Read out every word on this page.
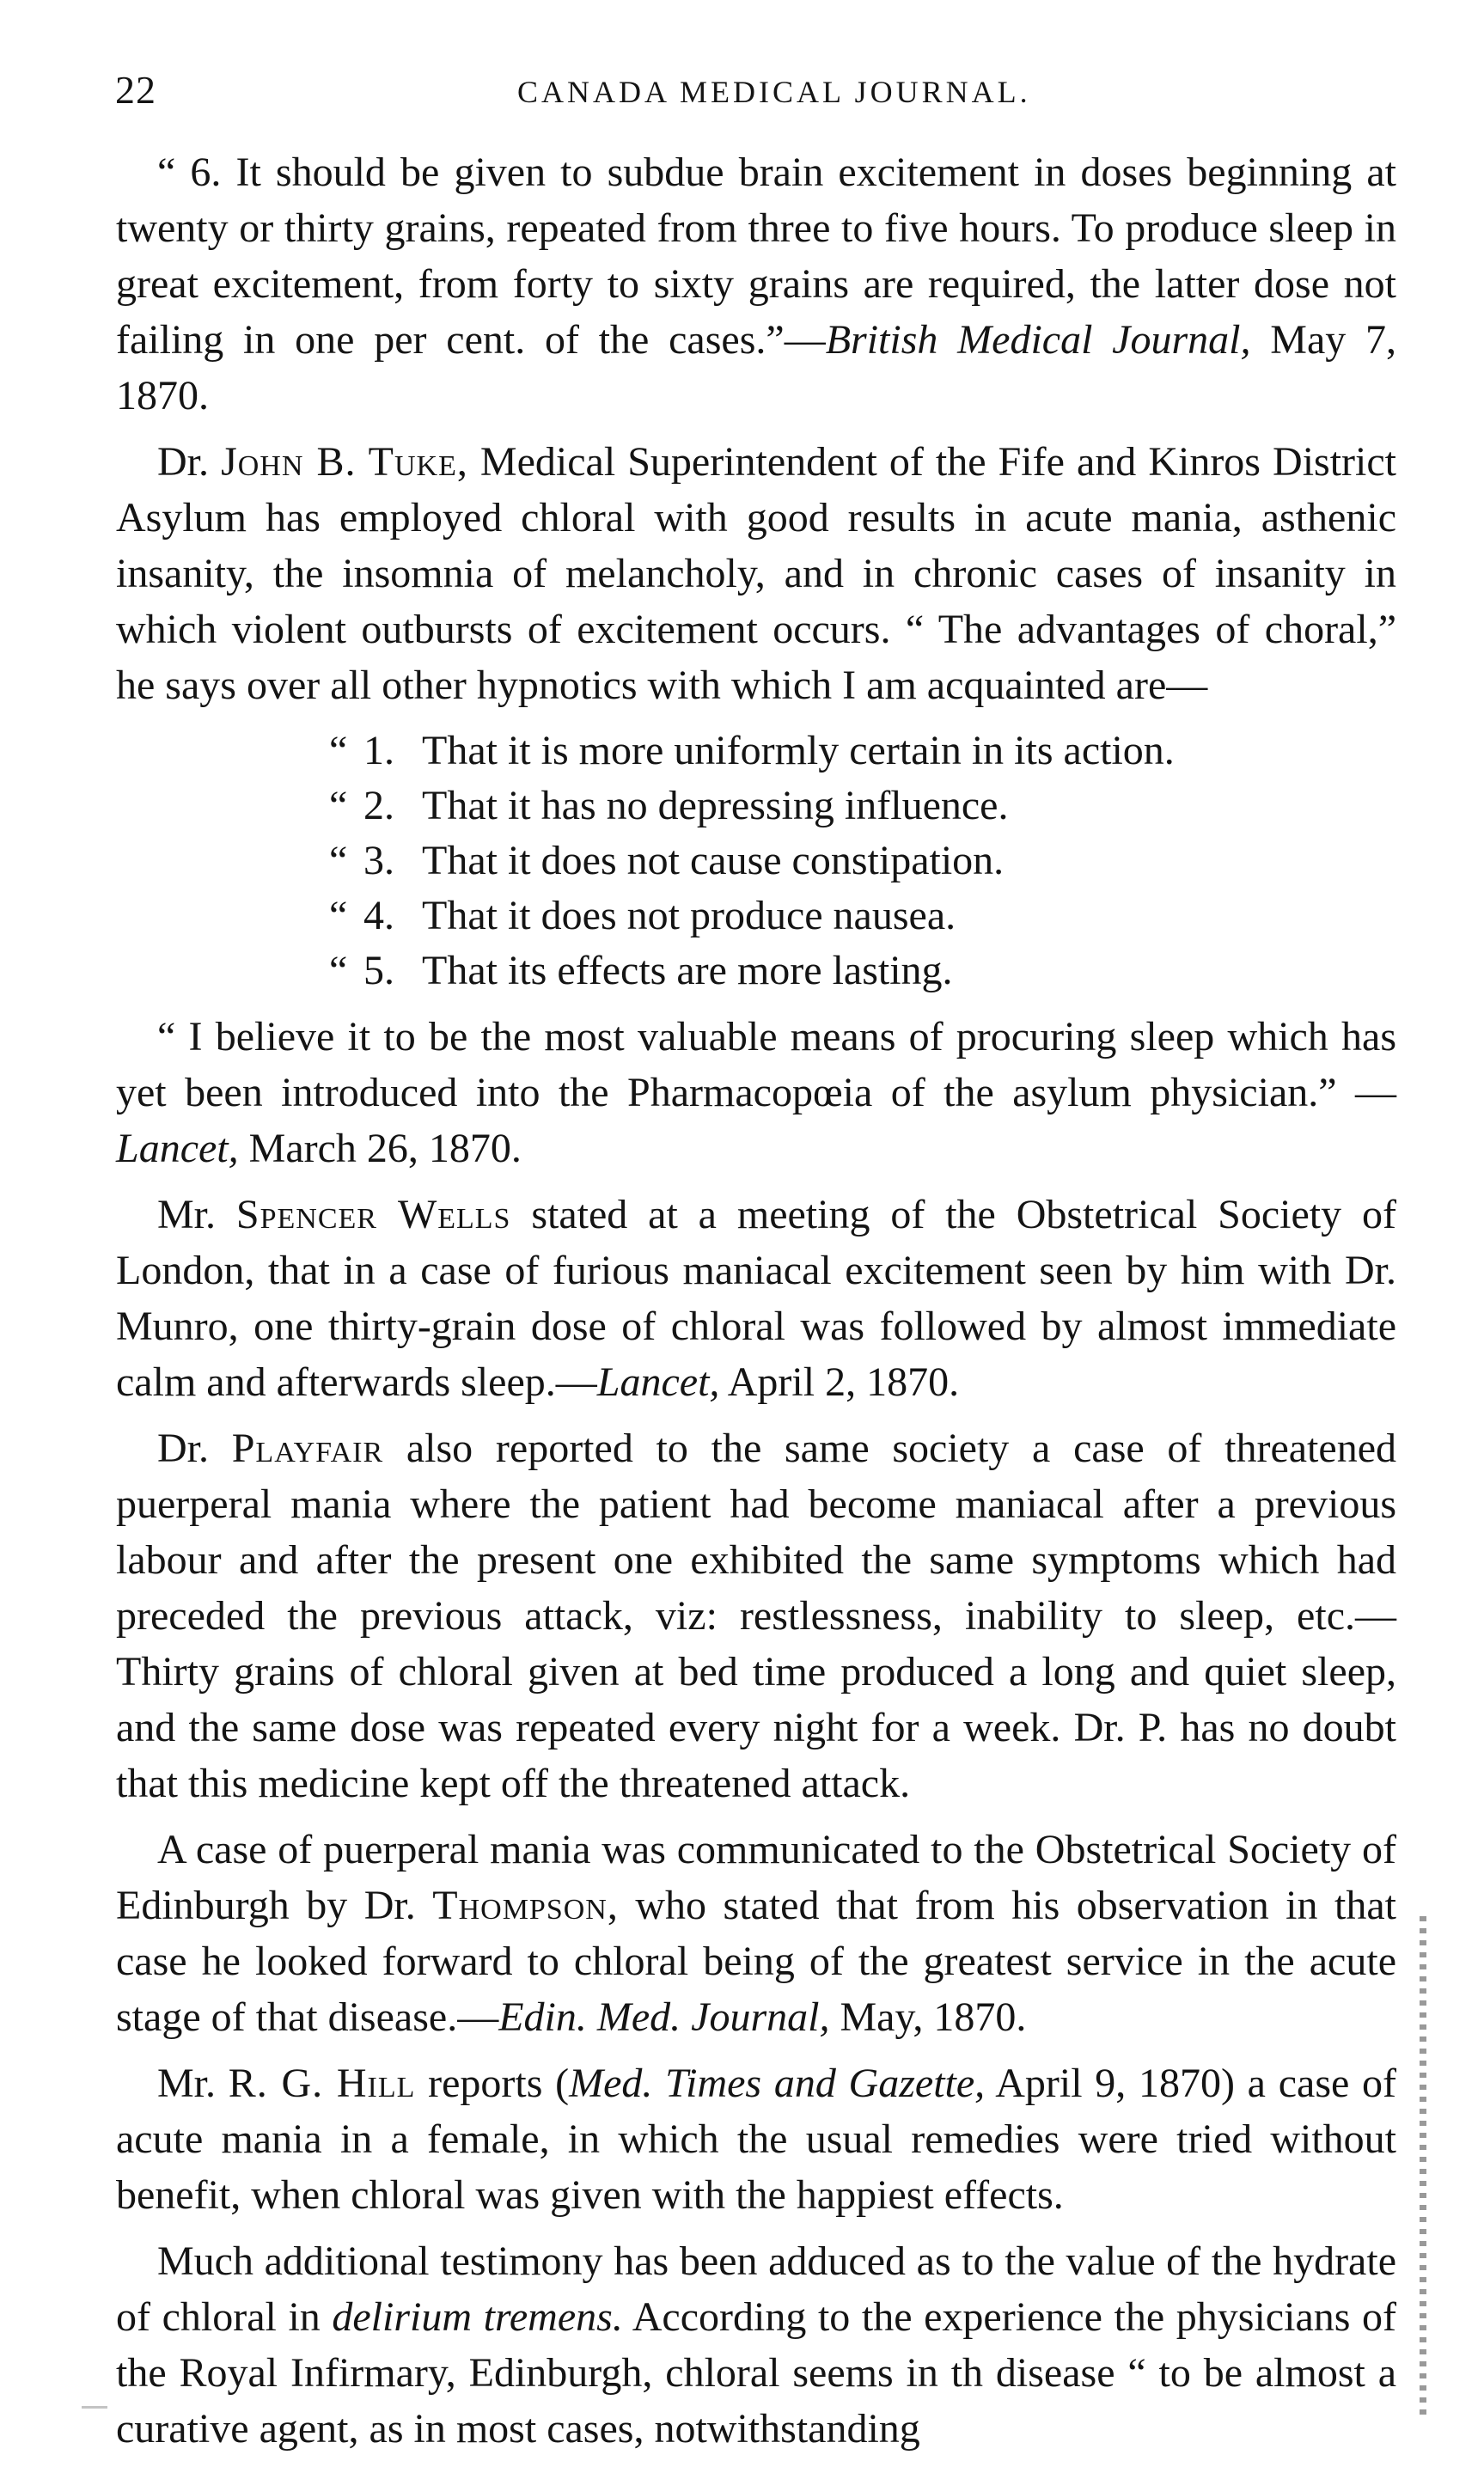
22	CANADA MEDICAL JOURNAL.

“ 6. It should be given to subdue brain excitement in doses beginning at twenty or thirty grains, repeated from three to five hours. To produce sleep in great excitement, from forty to sixty grains are required, the latter dose not failing in one per cent. of the cases.”—British Medical Journal, May 7, 1870.

Dr. John B. Tuke, Medical Superintendent of the Fife and Kinros District Asylum has employed chloral with good results in acute mania, asthenic insanity, the insomnia of melancholy, and in chronic cases of insanity in which violent outbursts of excitement occurs. “ The advantages of choral,” he says over all other hypnotics with which I am acquainted are—

“ 1. That it is more uniformly certain in its action.
“ 2. That it has no depressing influence.
“ 3. That it does not cause constipation.
“ 4. That it does not produce nausea.
“ 5. That its effects are more lasting.

“ I believe it to be the most valuable means of procuring sleep which has yet been introduced into the Pharmacopœia of the asylum physician.” —Lancet, March 26, 1870.

Mr. Spencer Wells stated at a meeting of the Obstetrical Society of London, that in a case of furious maniacal excitement seen by him with Dr. Munro, one thirty-grain dose of chloral was followed by almost immediate calm and afterwards sleep.—Lancet, April 2, 1870.

Dr. Playfair also reported to the same society a case of threatened puerperal mania where the patient had become maniacal after a previous labour and after the present one exhibited the same symptoms which had preceded the previous attack, viz: restlessness, inability to sleep, etc.— Thirty grains of chloral given at bed time produced a long and quiet sleep, and the same dose was repeated every night for a week. Dr. P. has no doubt that this medicine kept off the threatened attack.

A case of puerperal mania was communicated to the Obstetrical Society of Edinburgh by Dr. Thompson, who stated that from his observation in that case he looked forward to chloral being of the greatest service in the acute stage of that disease.—Edin. Med. Journal, May, 1870.

Mr. R. G. Hill reports (Med. Times and Gazette, April 9, 1870) a case of acute mania in a female, in which the usual remedies were tried without benefit, when chloral was given with the happiest effects.

Much additional testimony has been adduced as to the value of the hydrate of chloral in delirium tremens. According to the experience the physicians of the Royal Infirmary, Edinburgh, chloral seems in th disease “ to be almost a curative agent, as in most cases, notwithstanding
